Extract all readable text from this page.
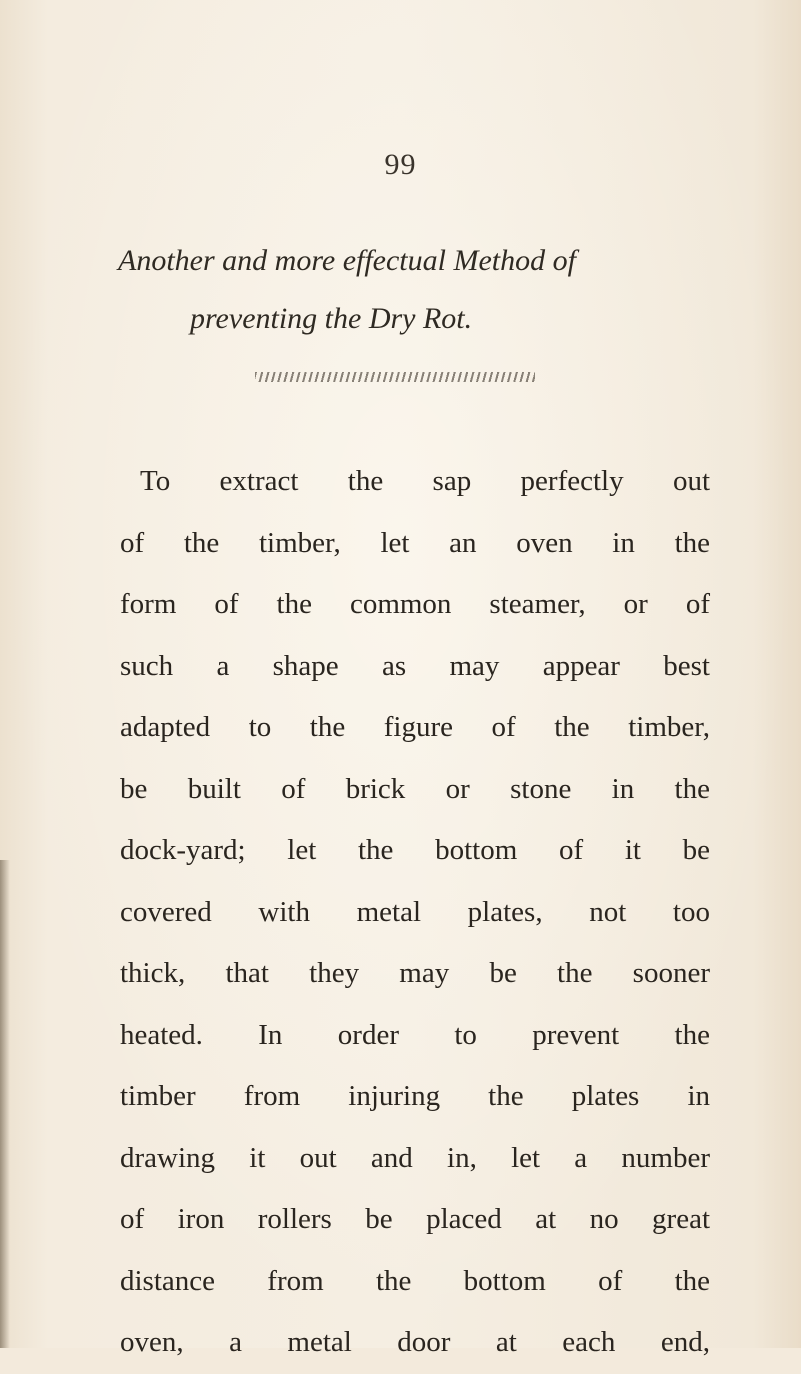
99
Another and more effectual Method of
preventing the Dry Rot.
To extract the sap perfectly out
of the timber, let an oven in the
form of the common steamer, or of
such a shape as may appear best
adapted to the figure of the timber,
be built of brick or stone in the
dock-yard; let the bottom of it be
covered with metal plates, not too
thick, that they may be the sooner
heated. In order to prevent the
timber from injuring the plates in
drawing it out and in, let a number
of iron rollers be placed at no great
distance from the bottom of the
oven, a metal door at each end,
